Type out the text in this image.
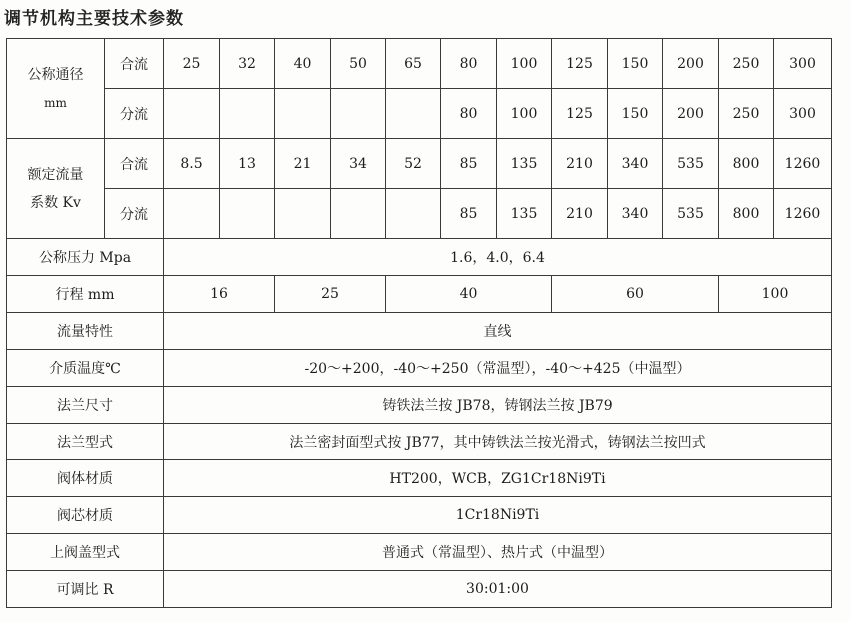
调节机构主要技术参数
公称通径
mm	合流	25	32	40	50	65	80	100	125	150	200	250	300
	分流						80	100	125	150	200	250	300

额定流量
系数 Kv	合流	8.5	13	21	34	52	85	135	210	340	535	800	1260
	分流						85	135	210	340	535	800	1260
公称压力 Mpa		1.6，4.0，6.4											
行程 mm		16		25		40			60			100	
流量特性		直线											
介质温度℃		-20～+200，-40～+250（常温型），-40～+425（中温型）											
法兰尺寸		铸铁法兰按 JB78，铸钢法兰按 JB79											
法兰型式		法兰密封面型式按 JB77，其中铸铁法兰按光滑式，铸钢法兰按凹式											
阀体材质		HT200，WCB，ZG1Cr18Ni9Ti											
阀芯材质		1Cr18Ni9Ti											
上阀盖型式		普通式（常温型）、热片式（中温型）											
可调比 R		30:01:00											
